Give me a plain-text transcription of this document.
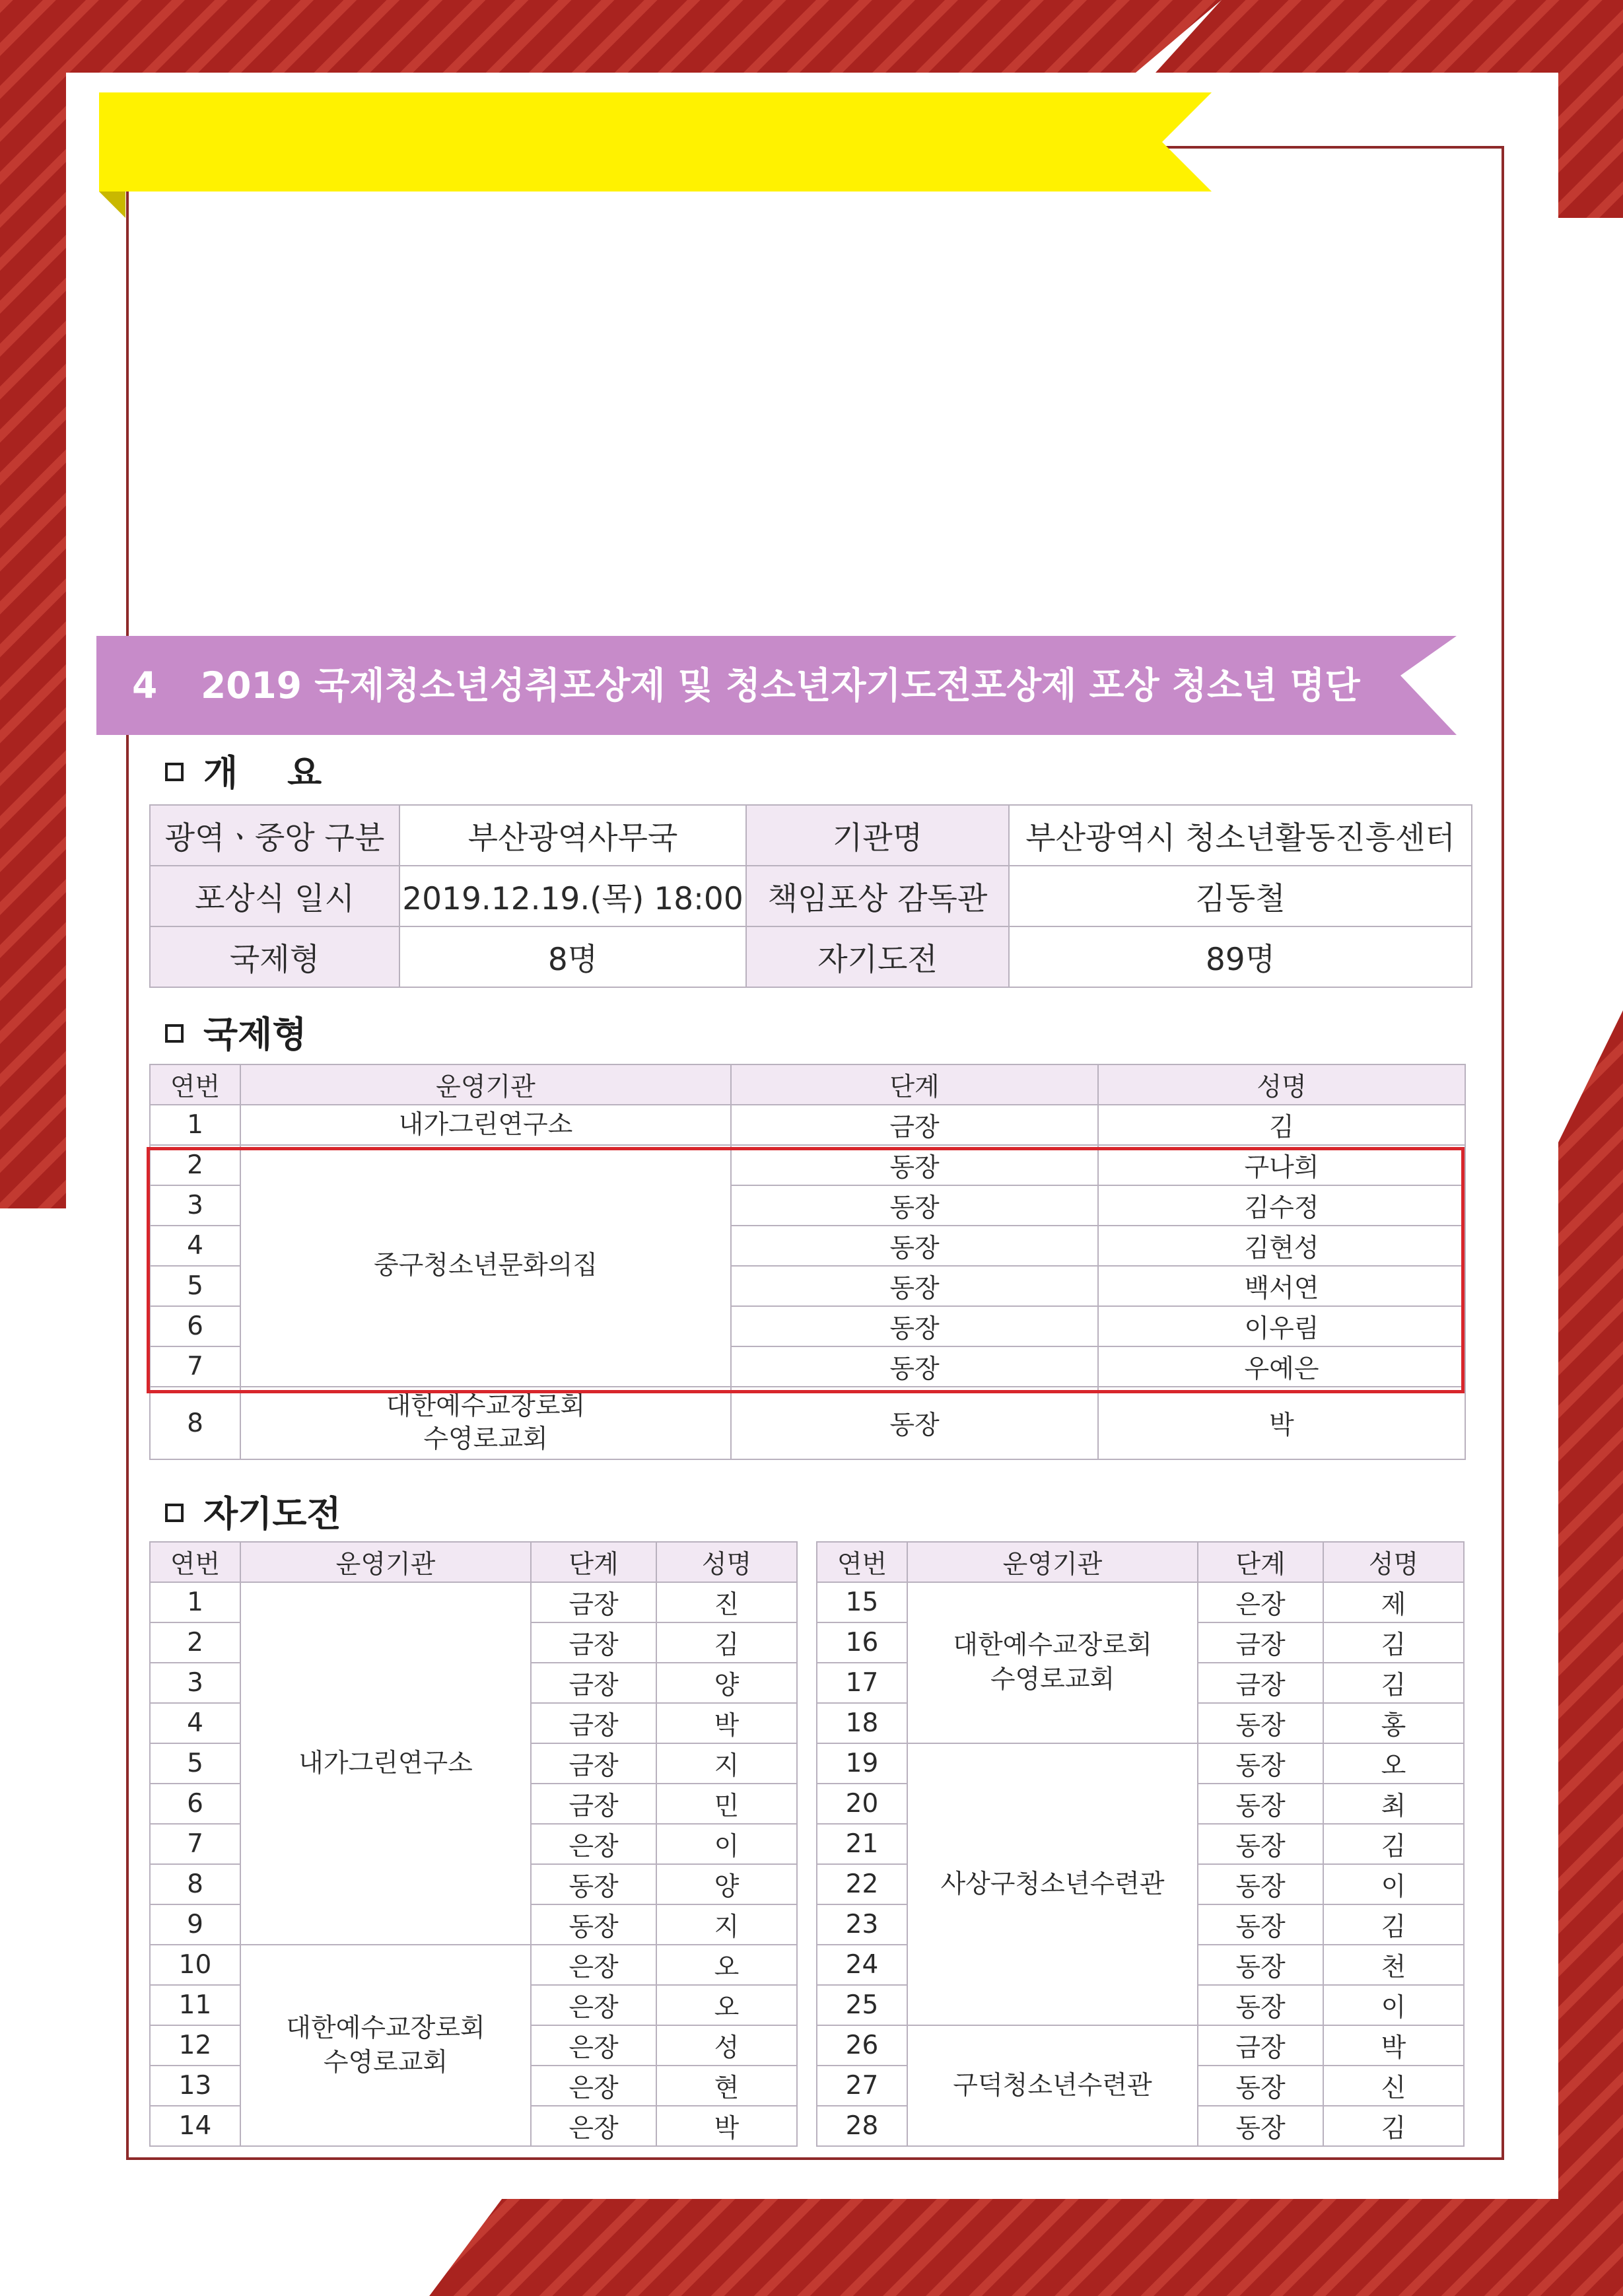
4 2019 국제청소년성취포상제 및 청소년자기도전포상제 포상 청소년 명단
개 요
광역ㆍ중앙 구분	부산광역사무국	기관명	부산광역시 청소년활동진흥센터
포상식 일시	2019.12.19.(목) 18:00	책임포상 감독관	김동철
국제형	8명	자기도전	89명
국제형
연번	운영기관	단계	성명
1	내가그린연구소	금장	김
2	중구청소년문화의집	동장	구나희
3		동장	김수정
4		동장	김현성
5		동장	백서연
6		동장	이우림
7		동장	우예은
8	대한예수교장로회
수영로교회	동장	박
자기도전
연번	운영기관	단계	성명
1	내가그린연구소	금장	진
2		금장	김
3		금장	양
4		금장	박
5		금장	지
6		금장	민
7		은장	이
8		동장	양
9		동장	지
10	대한예수교장로회
수영로교회	은장	오
11		은장	오
12		은장	성
13		은장	현
14		은장	박
연번	운영기관	단계	성명
15	대한예수교장로회
수영로교회	은장	제
16		금장	김
17		금장	김
18		동장	홍
19	사상구청소년수련관	동장	오
20		동장	최
21		동장	김
22		동장	이
23		동장	김
24		동장	천
25		동장	이
26	구덕청소년수련관	금장	박
27		동장	신
28		동장	김
